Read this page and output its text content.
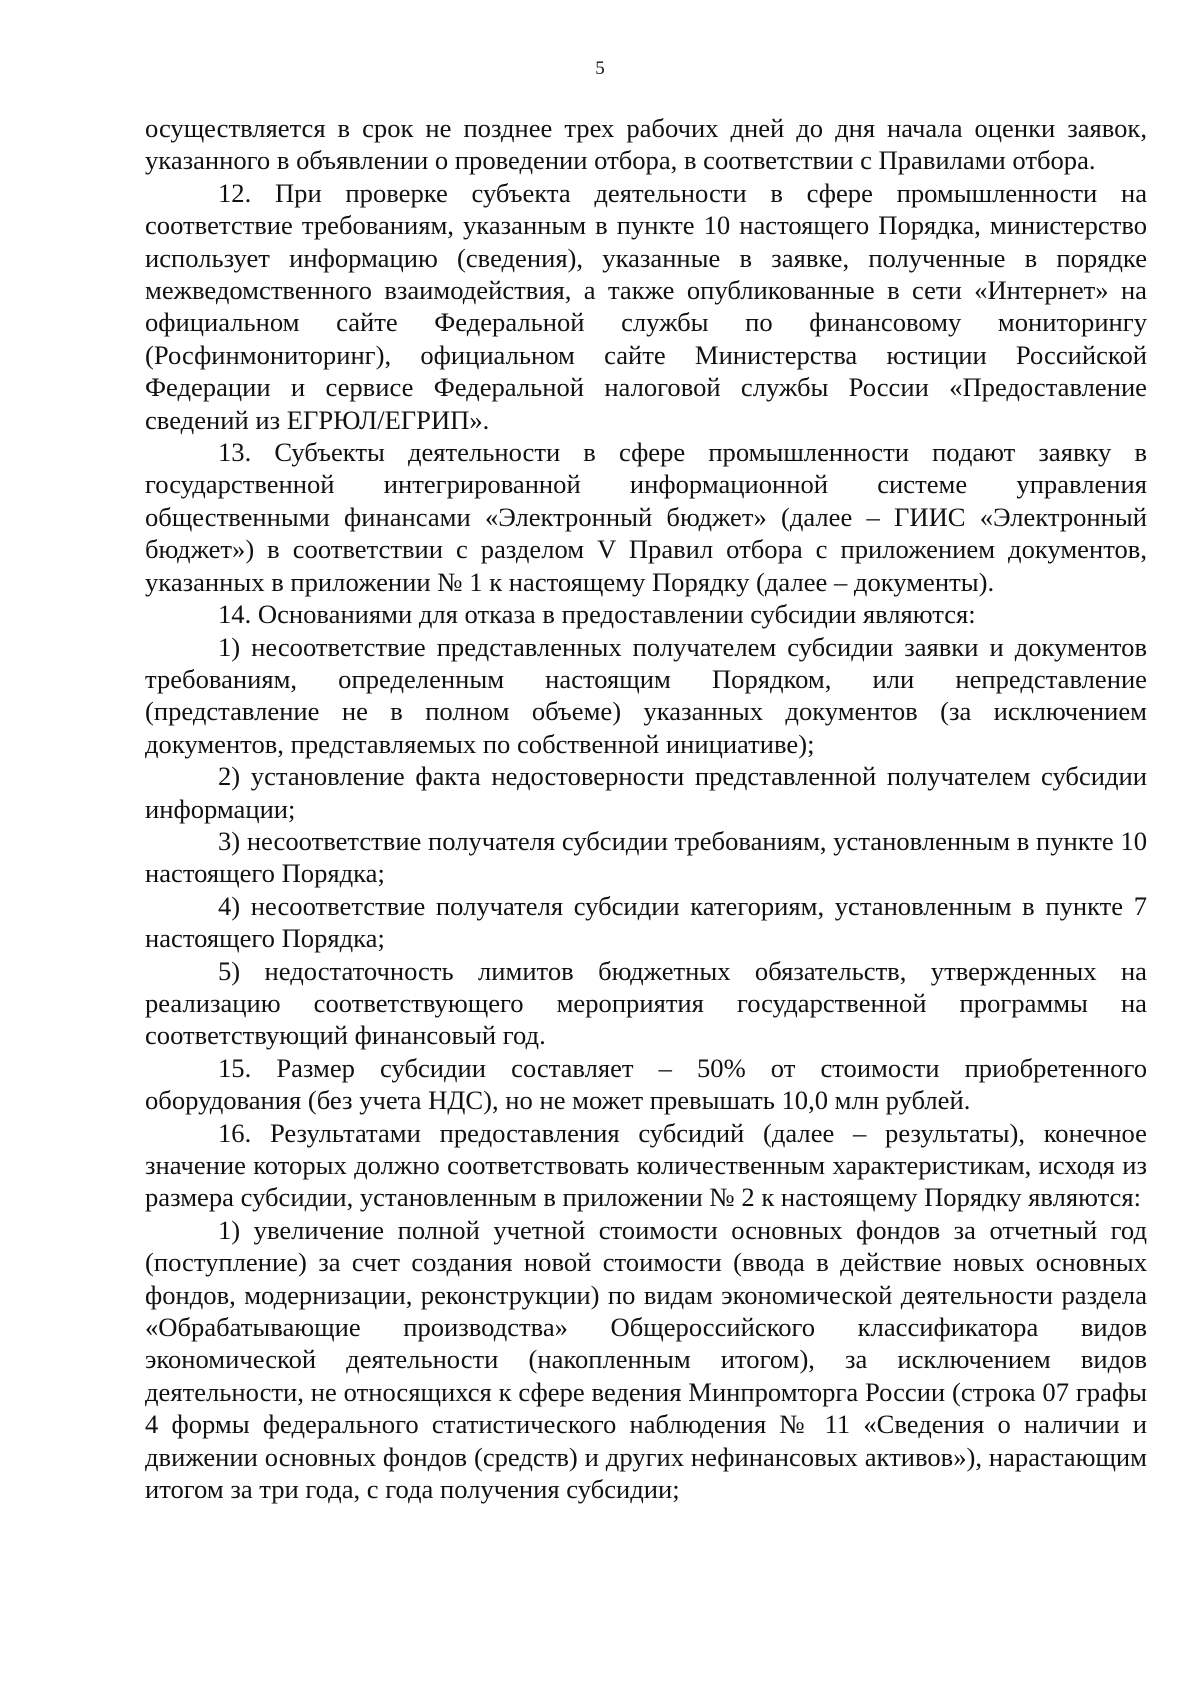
5

осуществляется в срок не позднее трех рабочих дней до дня начала оценки заявок, указанного в объявлении о проведении отбора, в соответствии с Правилами отбора.

12. При проверке субъекта деятельности в сфере промышленности на соответствие требованиям, указанным в пункте 10 настоящего Порядка, министерство использует информацию (сведения), указанные в заявке, полученные в порядке межведомственного взаимодействия, а также опубликованные в сети «Интернет» на официальном сайте Федеральной службы по финансовому мониторингу (Росфинмониторинг), официальном сайте Министерства юстиции Российской Федерации и сервисе Федеральной налоговой службы России «Предоставление сведений из ЕГРЮЛ/ЕГРИП».

13. Субъекты деятельности в сфере промышленности подают заявку в государственной интегрированной информационной системе управления общественными финансами «Электронный бюджет» (далее – ГИИС «Электронный бюджет») в соответствии с разделом V Правил отбора с приложением документов, указанных в приложении № 1 к настоящему Порядку (далее – документы).

14. Основаниями для отказа в предоставлении субсидии являются:

1) несоответствие представленных получателем субсидии заявки и документов требованиям, определенным настоящим Порядком, или непредставление (представление не в полном объеме) указанных документов (за исключением документов, представляемых по собственной инициативе);

2) установление факта недостоверности представленной получателем субсидии информации;

3) несоответствие получателя субсидии требованиям, установленным в пункте 10 настоящего Порядка;

4) несоответствие получателя субсидии категориям, установленным в пункте 7 настоящего Порядка;

5) недостаточность лимитов бюджетных обязательств, утвержденных на реализацию соответствующего мероприятия государственной программы на соответствующий финансовый год.

15. Размер субсидии составляет – 50% от стоимости приобретенного оборудования (без учета НДС), но не может превышать 10,0 млн рублей.

16. Результатами предоставления субсидий (далее – результаты), конечное значение которых должно соответствовать количественным характеристикам, исходя из размера субсидии, установленным в приложении № 2 к настоящему Порядку являются:

1) увеличение полной учетной стоимости основных фондов за отчетный год (поступление) за счет создания новой стоимости (ввода в действие новых основных фондов, модернизации, реконструкции) по видам экономической деятельности раздела «Обрабатывающие производства» Общероссийского классификатора видов экономической деятельности (накопленным итогом), за исключением видов деятельности, не относящихся к сфере ведения Минпромторга России (строка 07 графы 4 формы федерального статистического наблюдения № 11 «Сведения о наличии и движении основных фондов (средств) и других нефинансовых активов»), нарастающим итогом за три года, с года получения субсидии;
